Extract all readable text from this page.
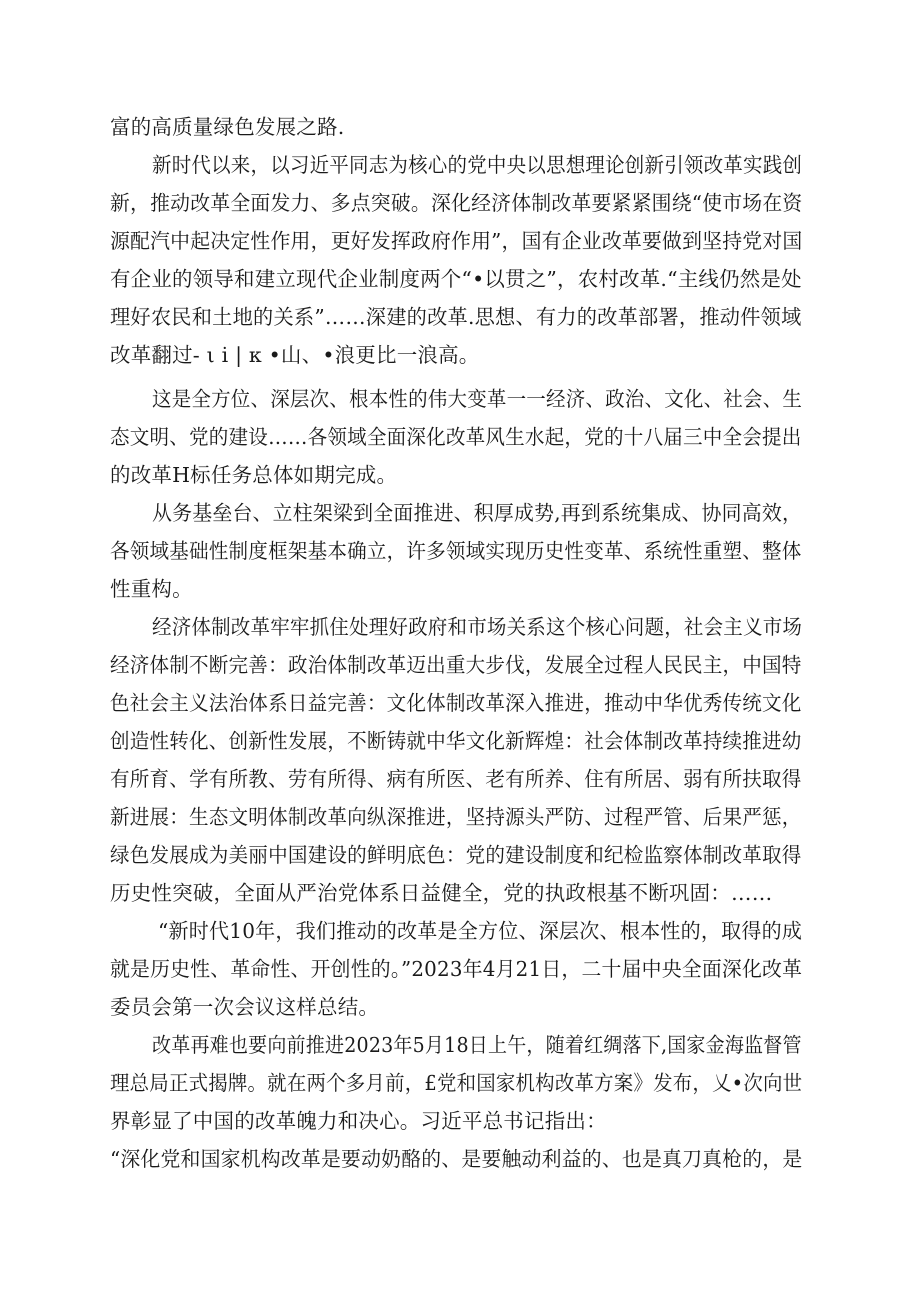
富的高质量绿色发展之路.
新时代以来，以习近平同志为核心的党中央以思想理论创新引领改革实践创
新，推动改革全面发力、多点突破。深化经济体制改革要紧紧围绕“使市场在资
源配汽中起决定性作用，更好发挥政府作用”，国有企业改革要做到坚持党对国
有企业的领导和建立现代企业制度两个“•以贯之”，农村改革.“主线仍然是处
理好农民和土地的关系”……深建的改革.思想、有力的改革部署，推动件领域
改革翻过- ι i | κ •山、•浪更比一浪高。
这是全方位、深层次、根本性的伟大变革一一经济、政治、文化、社会、生
态文明、党的建设……各领域全面深化改革风生水起，党的十八届三中全会提出
的改革H标任务总体如期完成。
从务基垒台、立柱架梁到全面推进、积厚成势,再到系统集成、协同高效，
各领域基础性制度框架基本确立，许多领域实现历史性变革、系统性重塑、整体
性重构。
经济体制改革牢牢抓住处理好政府和市场关系这个核心问题，社会主义市场
经济体制不断完善：政治体制改革迈出重大步伐，发展全过程人民民主，中国特
色社会主义法治体系日益完善：文化体制改革深入推进，推动中华优秀传统文化
创造性转化、创新性发展，不断铸就中华文化新辉煌：社会体制改革持续推进幼
有所育、学有所教、劳有所得、病有所医、老有所养、住有所居、弱有所扶取得
新进展：生态文明体制改革向纵深推进，坚持源头严防、过程严管、后果严惩，
绿色发展成为美丽中国建设的鲜明底色：党的建设制度和纪检监察体制改革取得
历史性突破，全面从严治党体系日益健全，党的执政根基不断巩固：……
“新时代10年，我们推动的改革是全方位、深层次、根本性的，取得的成
就是历史性、革命性、开创性的。”2023年4月21日，二十届中央全面深化改革
委员会第一次会议这样总结。
改革再难也要向前推进2023年5月18日上午，随着红绸落下,国家金海监督管
理总局正式揭牌。就在两个多月前，£党和国家机构改革方案》发布，乂•次向世
界彰显了中国的改革魄力和决心。习近平总书记指出：
“深化党和国家机构改革是要动奶酪的、是要触动利益的、也是真刀真枪的，是
